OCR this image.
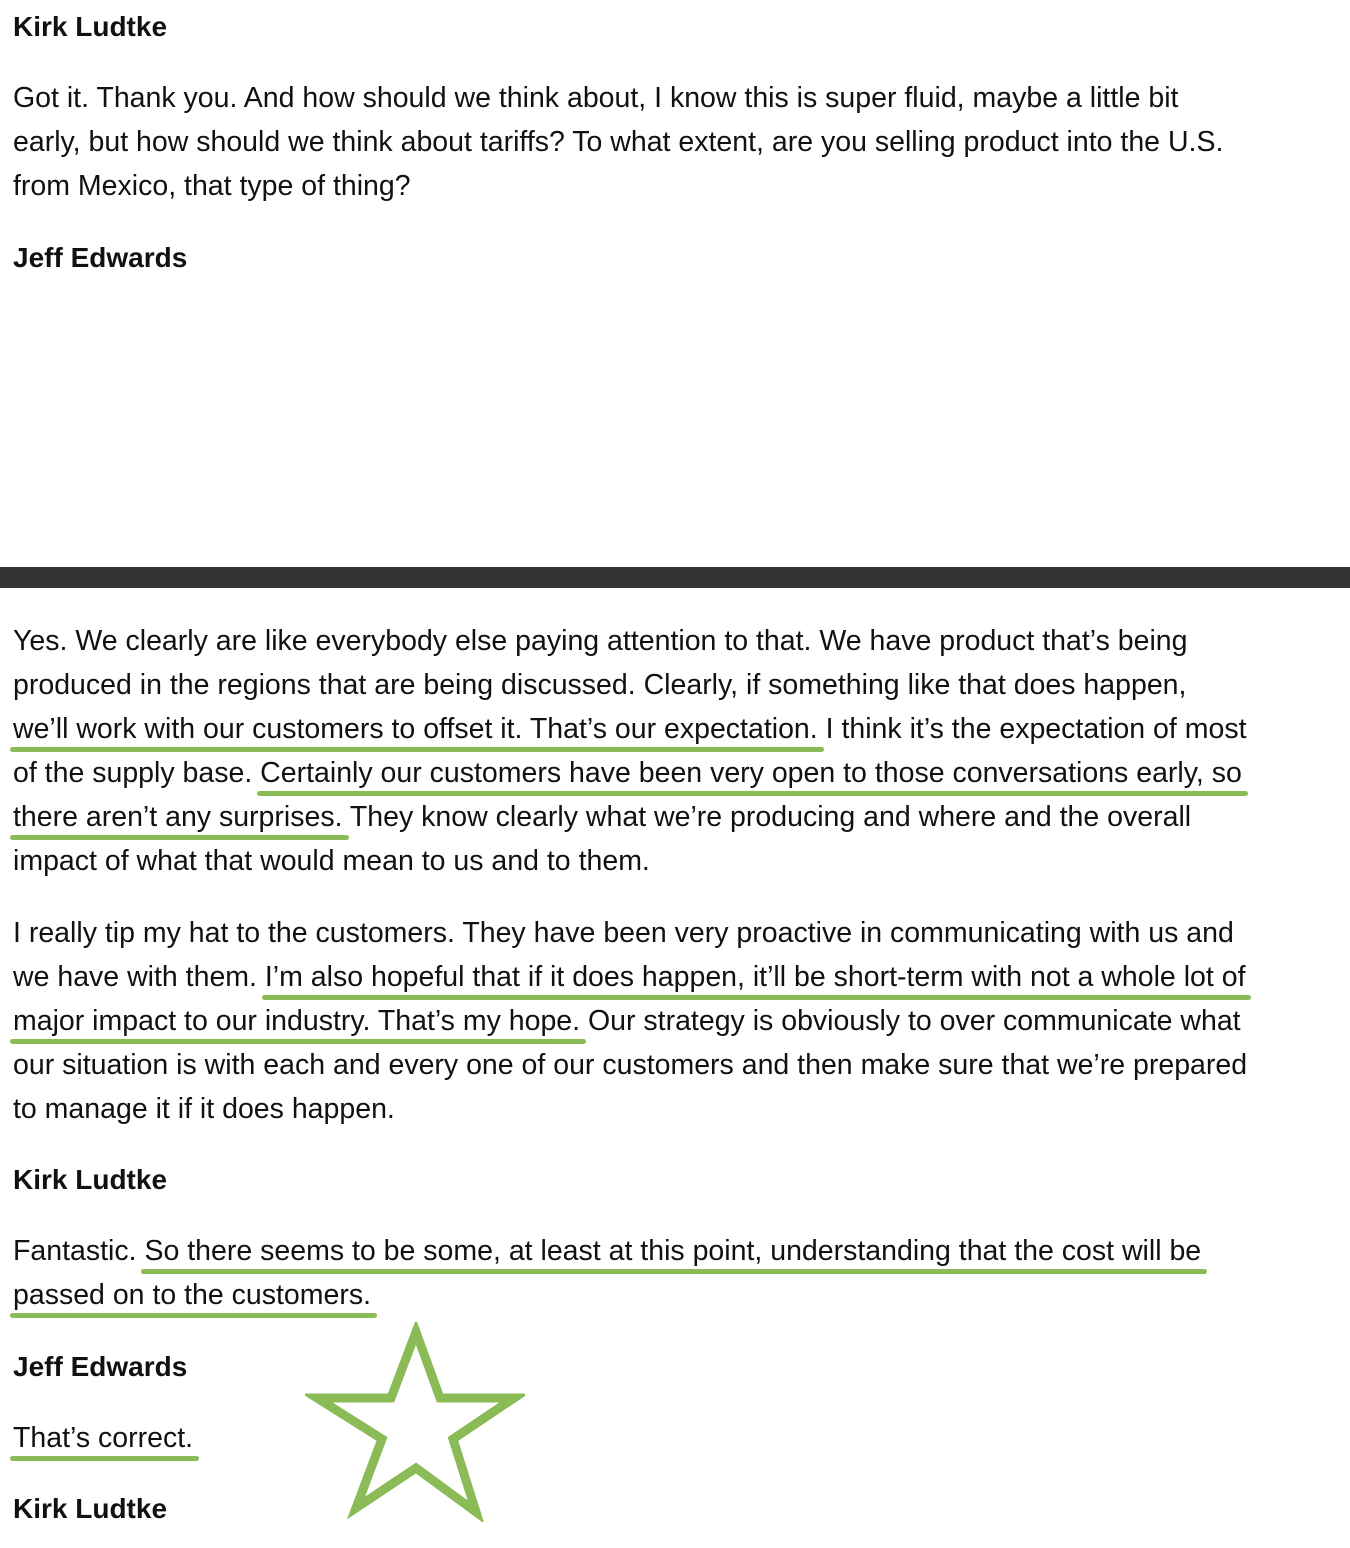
Kirk Ludtke

Got it. Thank you. And how should we think about, I know this is super fluid, maybe a little bit
early, but how should we think about tariffs? To what extent, are you selling product into the U.S.
from Mexico, that type of thing?

Jeff Edwards

Yes. We clearly are like everybody else paying attention to that. We have product that’s being
produced in the regions that are being discussed. Clearly, if something like that does happen,
we’ll work with our customers to offset it. That’s our expectation. I think it’s the expectation of most
of the supply base. Certainly our customers have been very open to those conversations early, so
there aren’t any surprises. They know clearly what we’re producing and where and the overall
impact of what that would mean to us and to them.

I really tip my hat to the customers. They have been very proactive in communicating with us and
we have with them. I’m also hopeful that if it does happen, it’ll be short-term with not a whole lot of
major impact to our industry. That’s my hope. Our strategy is obviously to over communicate what
our situation is with each and every one of our customers and then make sure that we’re prepared
to manage it if it does happen.

Kirk Ludtke

Fantastic. So there seems to be some, at least at this point, understanding that the cost will be
passed on to the customers.

Jeff Edwards

That’s correct.

Kirk Ludtke
